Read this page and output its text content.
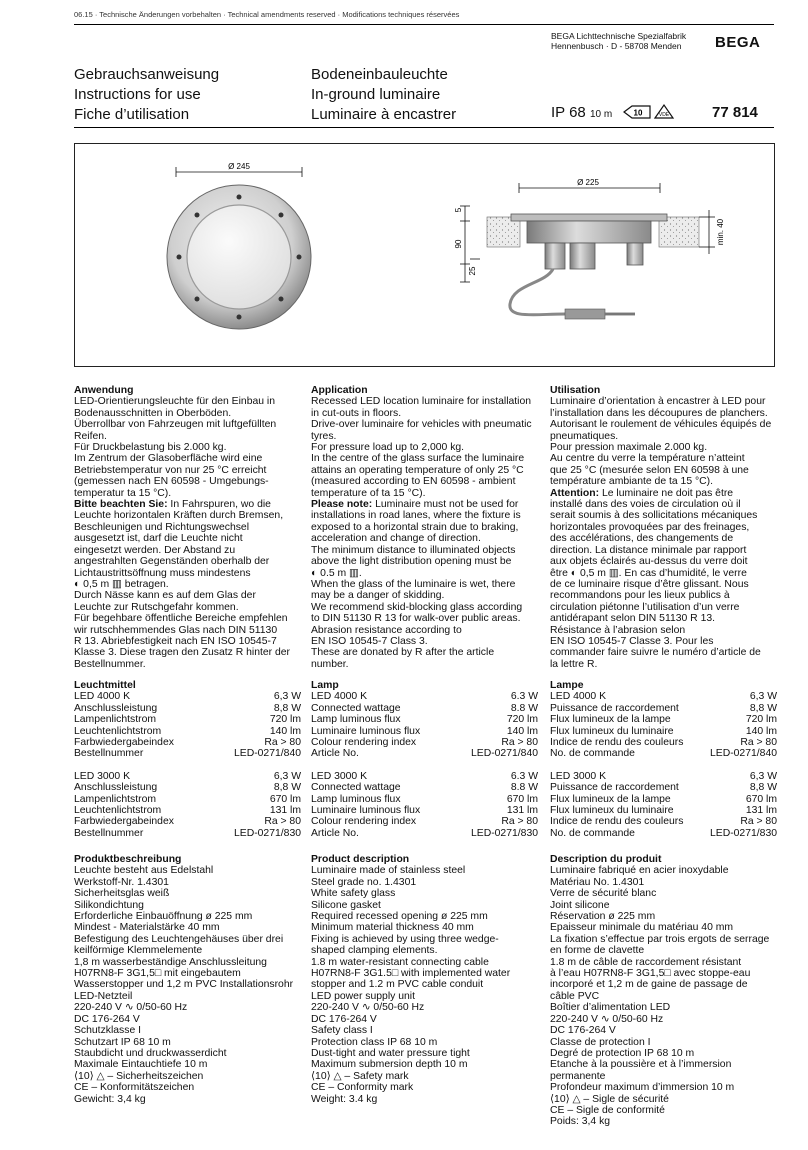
06.15 · Technische Änderungen vorbehalten · Technical amendments reserved · Modifications techniques réservées
BEGA Lichttechnische Spezialfabrik
Hennenbusch · D - 58708 Menden	BEGA
Gebrauchsanweisung
Instructions for use
Fiche d’utilisation
Bodeneinbauleuchte
In-ground luminaire
Luminaire à encastrer	IP 68 10 m	10	VDE	77 814
Ø 245
Ø 225
5
90
25
min. 40
Anwendung
LED-Orientierungsleuchte für den Einbau in
Bodenausschnitten in Oberböden.
Überrollbar von Fahrzeugen mit luftgefüllten
Reifen.
Für Druckbelastung bis 2.000 kg.
Im Zentrum der Glasoberfläche wird eine
Betriebstemperatur von nur 25 °C erreicht
(gemessen nach EN 60598 - Umgebungs-
temperatur ta 15 °C).
Bitte beachten Sie: In Fahrspuren, wo die
Leuchte horizontalen Kräften durch Bremsen,
Beschleunigen und Richtungswechsel
ausgesetzt ist, darf die Leuchte nicht
eingesetzt werden. Der Abstand zu
angestrahlten Gegenständen oberhalb der
Lichtaustrittsöffnung muss mindestens
◐ 0,5 m ▥ betragen.
Durch Nässe kann es auf dem Glas der
Leuchte zur Rutschgefahr kommen.
Für begehbare öffentliche Bereiche empfehlen
wir rutschhemmendes Glas nach DIN 51130
R 13. Abriebfestigkeit nach EN ISO 10545-7
Klasse 3. Diese tragen den Zusatz R hinter der
Bestellnummer.
Application
Recessed LED location luminaire for installation
in cut-outs in floors.
Drive-over luminaire for vehicles with pneumatic
tyres.
For pressure load up to 2,000 kg.
In the centre of the glass surface the luminaire
attains an operating temperature of only 25 °C
(measured according to EN 60598 - ambient
temperature of ta 15 °C).
Please note: Luminaire must not be used for
installations in road lanes, where the fixture is
exposed to a horizontal strain due to braking,
acceleration and change of direction.
The minimum distance to illuminated objects
above the light distribution opening must be
◐ 0.5 m ▥.
When the glass of the luminaire is wet, there
may be a danger of skidding.
We recommend skid-blocking glass according
to DIN 51130 R 13 for walk-over public areas.
Abrasion resistance according to
EN ISO 10545-7 Class 3.
These are donated by R after the article
number.
Utilisation
Luminaire d’orientation à encastrer à LED pour
l’installation dans les découpures de planchers.
Autorisant le roulement de véhicules équipés de
pneumatiques.
Pour pression maximale 2.000 kg.
Au centre du verre la température n’atteint
que 25 °C (mesurée selon EN 60598 à une
température ambiante de ta 15 °C).
Attention: Le luminaire ne doit pas être
installé dans des voies de circulation où il
serait soumis à des sollicitations mécaniques
horizontales provoquées par des freinages,
des accélérations, des changements de
direction. La distance minimale par rapport
aux objets éclairés au-dessus du verre doit
être ◐ 0,5 m ▥. En cas d’humidité, le verre
de ce luminaire risque d’être glissant. Nous
recommandons pour les lieux publics à
circulation piétonne l’utilisation d’un verre
antidérapant selon DIN 51130 R 13.
Résistance à l’abrasion selon
EN ISO 10545-7 Classe 3. Pour les
commander faire suivre le numéro d’article de
la lettre R.
Leuchtmittel
LED 4000 K	6,3 W
Anschlussleistung	8,8 W
Lampenlichtstrom	720 lm
Leuchtenlichtstrom	140 lm
Farbwiedergabeindex	Ra > 80
Bestellnummer	LED-0271/840
LED 3000 K	6,3 W
Anschlussleistung	8,8 W
Lampenlichtstrom	670 lm
Leuchtenlichtstrom	131 lm
Farbwiedergabeindex	Ra > 80
Bestellnummer	LED-0271/830
Lamp
LED 4000 K	6.3 W
Connected wattage	8.8 W
Lamp luminous flux	720 lm
Luminaire luminous flux	140 lm
Colour rendering index	Ra > 80
Article No.	LED-0271/840
LED 3000 K	6.3 W
Connected wattage	8.8 W
Lamp luminous flux	670 lm
Luminaire luminous flux	131 lm
Colour rendering index	Ra > 80
Article No.	LED-0271/830
Lampe
LED 4000 K	6,3 W
Puissance de raccordement	8,8 W
Flux lumineux de la lampe	720 lm
Flux lumineux du luminaire	140 lm
Indice de rendu des couleurs	Ra > 80
No. de commande	LED-0271/840
LED 3000 K	6,3 W
Puissance de raccordement	8,8 W
Flux lumineux de la lampe	670 lm
Flux lumineux du luminaire	131 lm
Indice de rendu des couleurs	Ra > 80
No. de commande	LED-0271/830
Produktbeschreibung
Leuchte besteht aus Edelstahl
Werkstoff-Nr. 1.4301
Sicherheitsglas weiß
Silikondichtung
Erforderliche Einbauöffnung ø 225 mm
Mindest - Materialstärke 40 mm
Befestigung des Leuchtengehäuses über drei
keilförmige Klemmelemente
1,8 m wasserbeständige Anschlussleitung
H07RN8-F 3G1,5□ mit eingebautem
Wasserstopper und 1,2 m PVC Installationsrohr
LED-Netzteil
220-240 V ∿ 0/50-60 Hz
DC 176-264 V
Schutzklasse I
Schutzart IP 68 10 m
Staubdicht und druckwasserdicht
Maximale Eintauchtiefe 10 m
⟨10⟩ △ – Sicherheitszeichen
CE – Konformitätszeichen
Gewicht: 3,4 kg
Product description
Luminaire made of stainless steel
Steel grade no. 1.4301
White safety glass
Silicone gasket
Required recessed opening ø 225 mm
Minimum material thickness 40 mm
Fixing is achieved by using three wedge-
shaped clamping elements.
1.8 m water-resistant connecting cable
H07RN8-F 3G1.5□ with implemented water
stopper and 1.2 m PVC cable conduit
LED power supply unit
220-240 V ∿ 0/50-60 Hz
DC 176-264 V
Safety class I
Protection class IP 68 10 m
Dust-tight and water pressure tight
Maximum submersion depth 10 m
⟨10⟩ △ – Safety mark
CE – Conformity mark
Weight: 3.4 kg
Description du produit
Luminaire fabriqué en acier inoxydable
Matériau No. 1.4301
Verre de sécurité blanc
Joint silicone
Réservation ø 225 mm
Epaisseur minimale du matériau 40 mm
La fixation s’effectue par trois ergots de serrage
en forme de clavette
1.8 m de câble de raccordement résistant
à l’eau H07RN8-F 3G1,5□ avec stoppe-eau
incorporé et 1,2 m de gaine de passage de
câble PVC
Boîtier d’alimentation LED
220-240 V ∿ 0/50-60 Hz
DC 176-264 V
Classe de protection I
Degré de protection IP 68 10 m
Etanche à la poussière et à l’immersion
permanente
Profondeur maximum d’immersion 10 m
⟨10⟩ △ – Sigle de sécurité
CE – Sigle de conformité
Poids: 3,4 kg
